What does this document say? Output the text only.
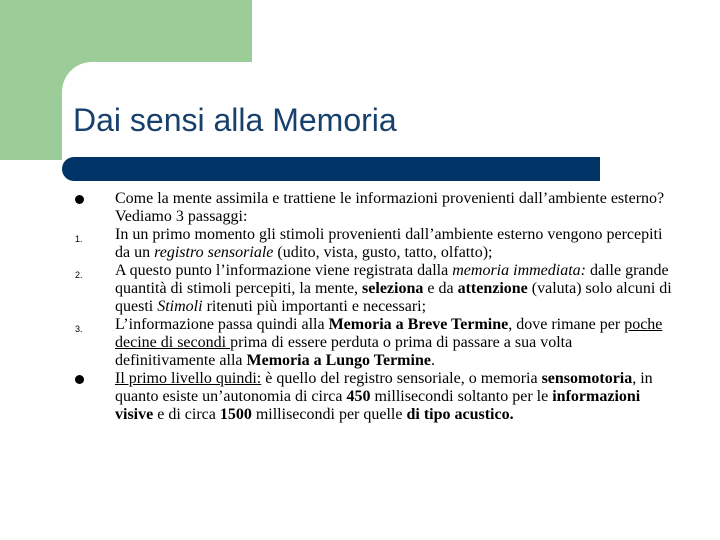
Dai sensi alla Memoria
Come la mente assimila e trattiene le informazioni provenienti dall’ambiente esterno? Vediamo 3 passaggi:
1.	In un primo momento gli stimoli provenienti dall’ambiente esterno vengono percepiti da un registro sensoriale (udito, vista, gusto, tatto, olfatto);
2.	A questo punto l’informazione viene registrata dalla memoria immediata: dalle grande quantità di stimoli percepiti, la mente, seleziona e da attenzione (valuta) solo alcuni di questi Stimoli ritenuti più importanti e necessari;
3.	L’informazione passa quindi alla Memoria a Breve Termine, dove rimane per poche decine di secondi prima di essere perduta o prima di passare a sua volta definitivamente alla Memoria a Lungo Termine.
Il primo livello quindi: è quello del registro sensoriale, o memoria sensomotoria, in quanto esiste un’autonomia di circa 450 millisecondi soltanto per le informazioni visive e di circa 1500 millisecondi per quelle di tipo acustico.
